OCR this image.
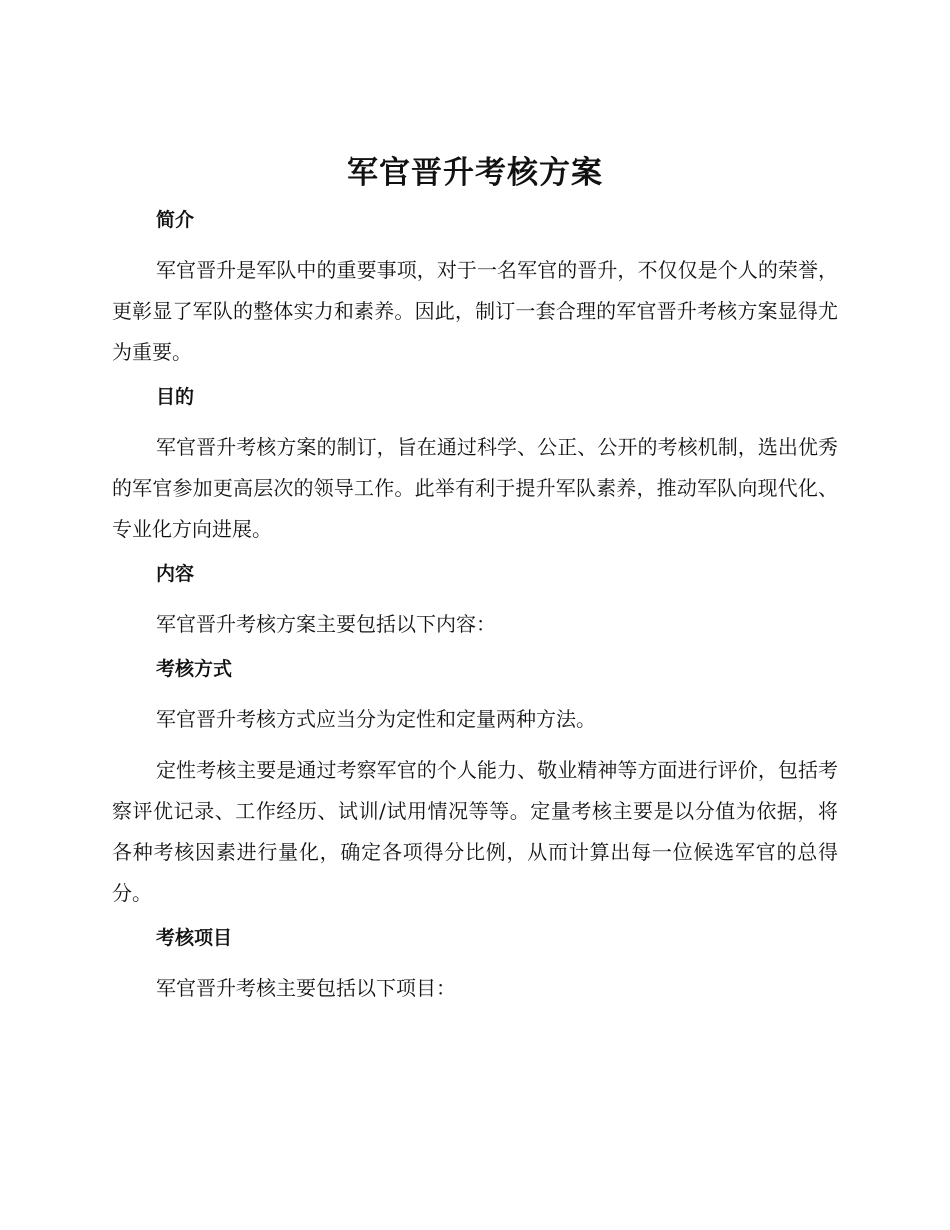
军官晋升考核方案
简介

军官晋升是军队中的重要事项，对于一名军官的晋升，不仅仅是个人的荣誉，更彰显了军队的整体实力和素养。因此，制订一套合理的军官晋升考核方案显得尤为重要。

目的

军官晋升考核方案的制订，旨在通过科学、公正、公开的考核机制，选出优秀的军官参加更高层次的领导工作。此举有利于提升军队素养，推动军队向现代化、专业化方向进展。

内容

军官晋升考核方案主要包括以下内容：

考核方式

军官晋升考核方式应当分为定性和定量两种方法。

定性考核主要是通过考察军官的个人能力、敬业精神等方面进行评价，包括考察评优记录、工作经历、试训/试用情况等等。定量考核主要是以分值为依据，将各种考核因素进行量化，确定各项得分比例，从而计算出每一位候选军官的总得分。

考核项目

军官晋升考核主要包括以下项目：
